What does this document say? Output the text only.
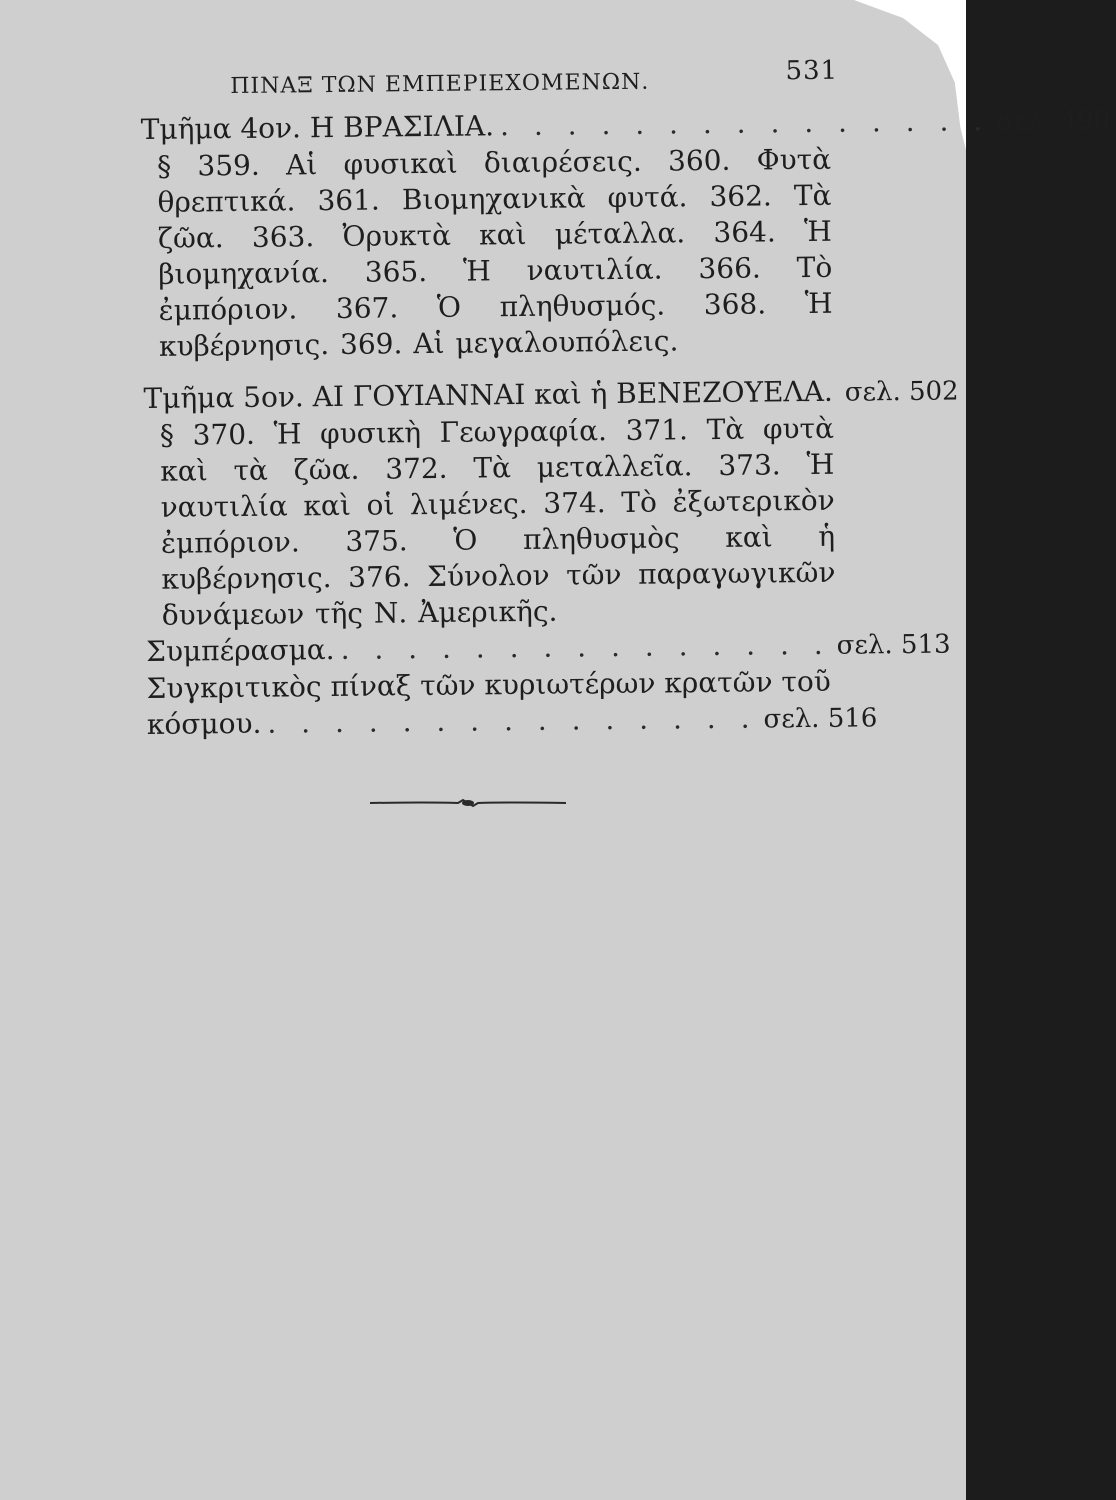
ΠΙΝΑΞ ΤΩΝ ΕΜΠΕΡΙΕΧΟΜΕΝΩΝ.	531
Τμῆμα 4ον. Η ΒΡΑΣΙΛΙΑ. . . . . . . . . . . . . . . . σελ. 490
§ 359. Αἱ φυσικαὶ διαιρέσεις. 360. Φυτὰ θρεπτικά. 361. Βιομηχανικὰ φυτά. 362. Τὰ ζῶα. 363. Ὀρυκτὰ καὶ μέταλλα. 364. Ἡ βιομηχανία. 365. Ἡ ναυτιλία. 366. Τὸ ἐμπόριον. 367. Ὁ πληθυσμός. 368. Ἡ κυβέρνησις. 369. Αἱ μεγαλουπόλεις.
Τμῆμα 5ον. ΑΙ ΓΟΥΙΑΝΝΑΙ καὶ ἡ ΒΕΝΕΖΟΥΕΛΑ. σελ. 502
§ 370. Ἡ φυσικὴ Γεωγραφία. 371. Τὰ φυτὰ καὶ τὰ ζῶα. 372. Τὰ μεταλλεῖα. 373. Ἡ ναυτιλία καὶ οἱ λιμένες. 374. Τὸ ἐξωτερικὸν ἐμπόριον. 375. Ὁ πληθυσμὸς καὶ ἡ κυβέρνησις. 376. Σύνολον τῶν παραγωγικῶν δυνάμεων τῆς Ν. Ἀμερικῆς.
Συμπέρασμα. . . . . . . . . . . . . . . . σελ. 513
Συγκριτικὸς πίναξ τῶν κυριωτέρων κρατῶν τοῦ
κόσμου. . . . . . . . . . . . . . . . σελ. 516
